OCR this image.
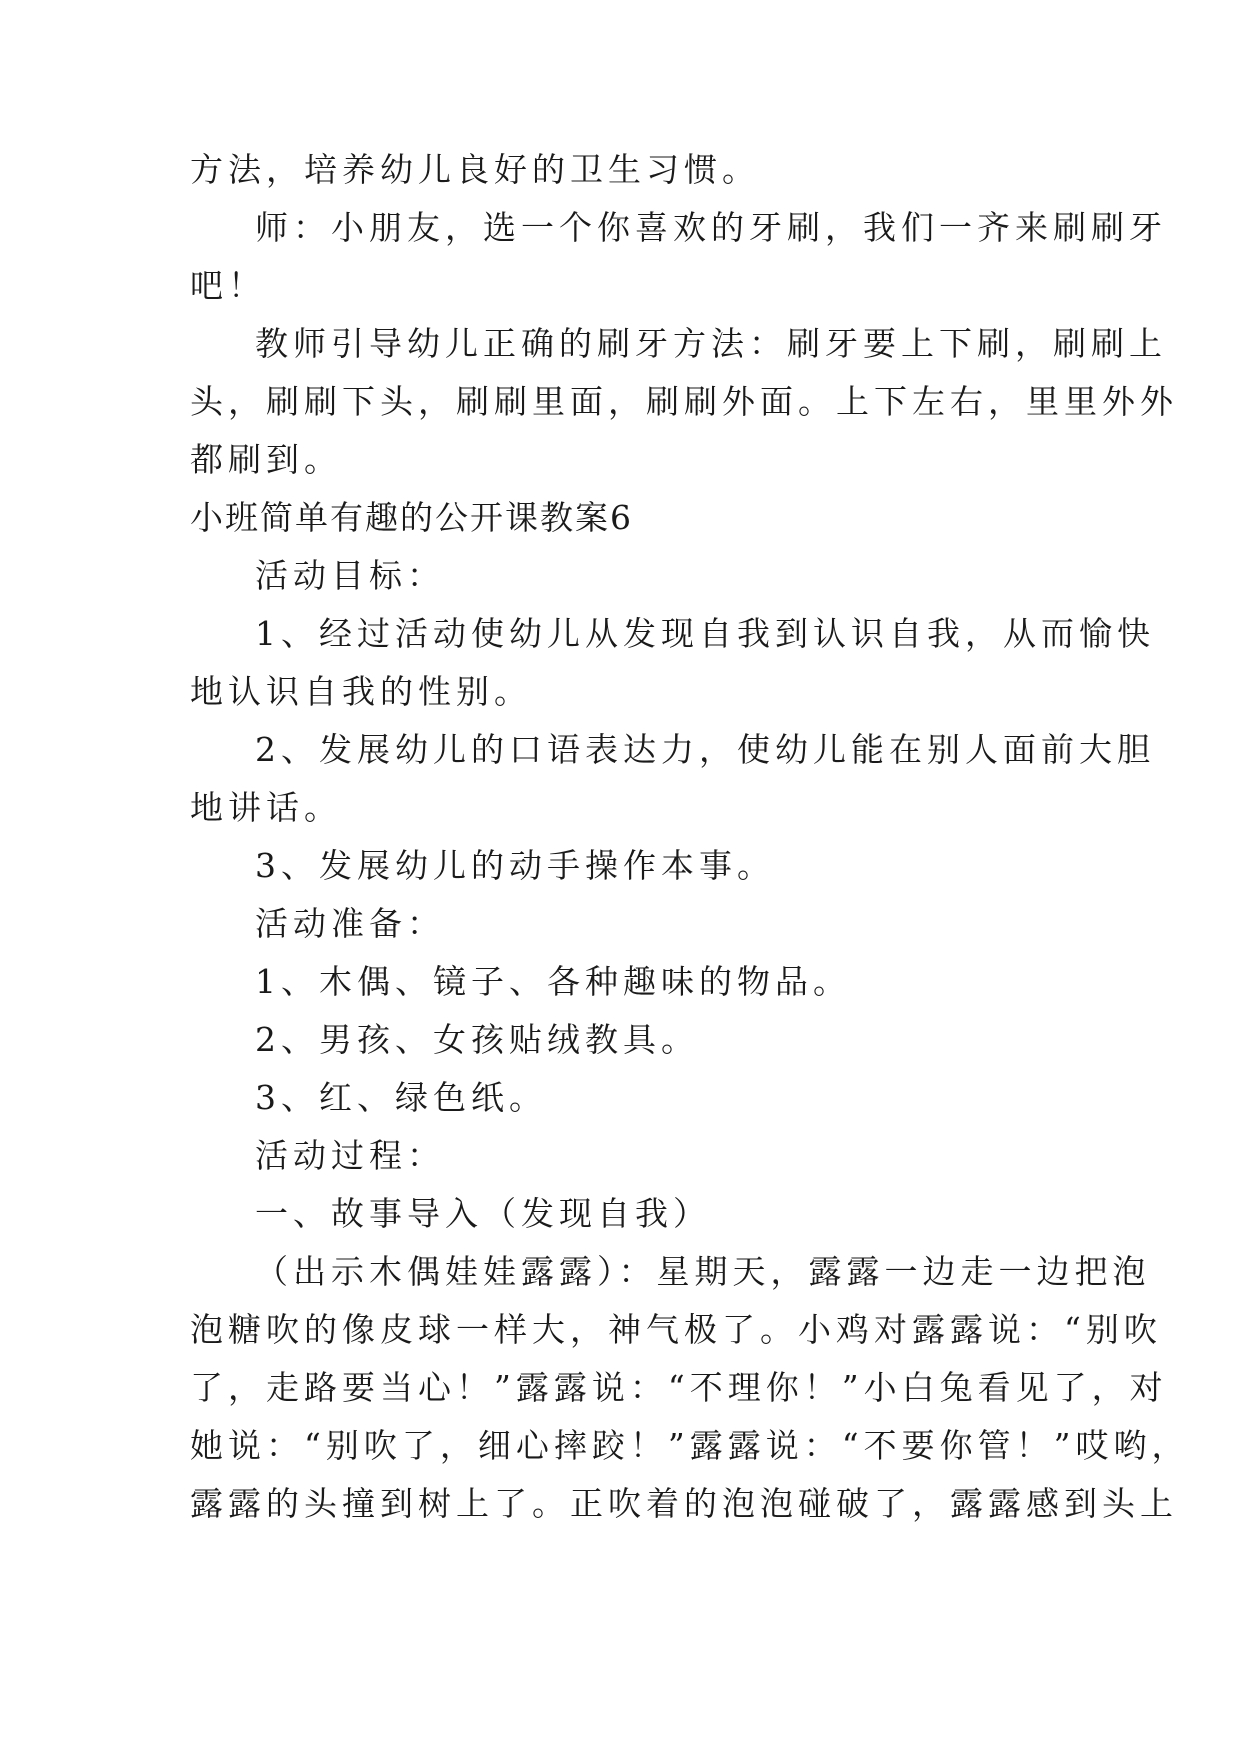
方法，培养幼儿良好的卫生习惯。
师：小朋友，选一个你喜欢的牙刷，我们一齐来刷刷牙
吧！
教师引导幼儿正确的刷牙方法：刷牙要上下刷，刷刷上
头，刷刷下头，刷刷里面，刷刷外面。上下左右，里里外外
都刷到。
小班简单有趣的公开课教案6
活动目标：
1、经过活动使幼儿从发现自我到认识自我，从而愉快
地认识自我的性别。
2、发展幼儿的口语表达力，使幼儿能在别人面前大胆
地讲话。
3、发展幼儿的动手操作本事。
活动准备：
1、木偶、镜子、各种趣味的物品。
2、男孩、女孩贴绒教具。
3、红、绿色纸。
活动过程：
一、故事导入（发现自我）
（出示木偶娃娃露露）：星期天，露露一边走一边把泡
泡糖吹的像皮球一样大，神气极了。小鸡对露露说：“别吹
了，走路要当心！”露露说：“不理你！”小白兔看见了，对
她说：“别吹了，细心摔跤！”露露说：“不要你管！”哎哟，
露露的头撞到树上了。正吹着的泡泡碰破了，露露感到头上
